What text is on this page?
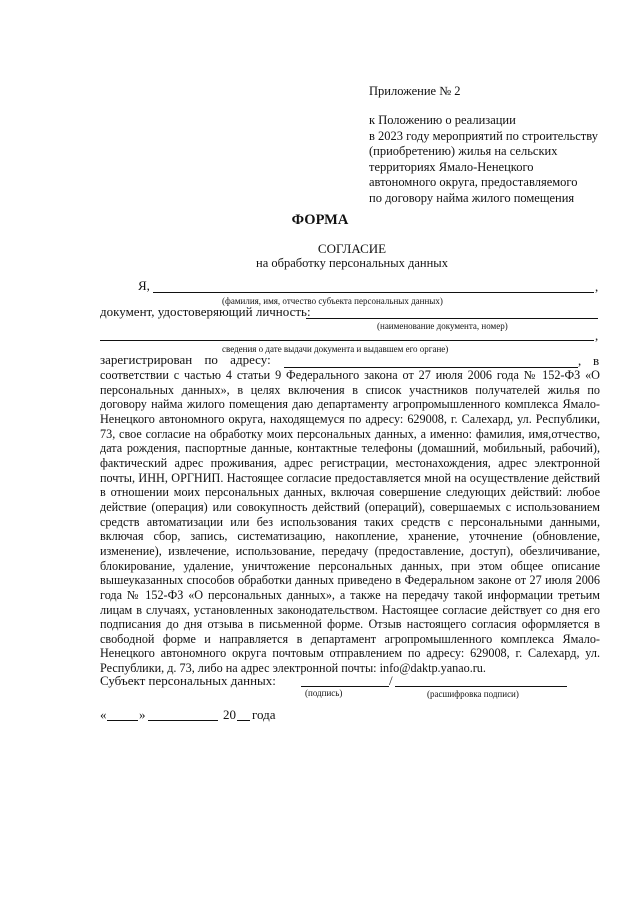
Приложение № 2
к Положению о реализации
в 2023 году мероприятий по строительству
(приобретению) жилья на сельских
территориях Ямало-Ненецкого
автономного округа, предоставляемого
по договору найма жилого помещения
ФОРМА
СОГЛАСИЕ
на обработку персональных данных
Я,	,
(фамилия, имя, отчество субъекта персональных данных)
документ, удостоверяющий личность:
(наименование документа, номер)
,
сведения о дате выдачи документа и выдавшем его органе)
зарегистрирован по адресу:	, в
соответствии с частью 4 статьи 9 Федерального закона от 27 июля 2006 года № 152-ФЗ «О персональных данных», в целях включения в список участников получателей жилья по договору найма жилого помещения даю департаменту агропромышленного комплекса Ямало-Ненецкого автономного округа, находящемуся по адресу: 629008, г. Салехард, ул. Республики, 73, свое согласие на обработку моих персональных данных, а именно: фамилия, имя,отчество, дата рождения, паспортные данные, контактные телефоны (домашний, мобильный, рабочий), фактический адрес проживания, адрес регистрации, местонахождения, адрес электронной почты, ИНН, ОРГНИП. Настоящее согласие предоставляется мной на осуществление действий в отношении моих персональных данных, включая совершение следующих действий: любое действие (операция) или совокупность действий (операций), совершаемых с использованием средств автоматизации или без использования таких средств с персональными данными, включая сбор, запись, систематизацию, накопление, хранение, уточнение (обновление, изменение), извлечение, использование, передачу (предоставление, доступ), обезличивание, блокирование, удаление, уничтожение персональных данных, при этом общее описание вышеуказанных способов обработки данных приведено в Федеральном законе от 27 июля 2006 года № 152-ФЗ «О персональных данных», а также на передачу такой информации третьим лицам в случаях, установленных законодательством. Настоящее согласие действует со дня его подписания до дня отзыва в письменной форме. Отзыв настоящего согласия оформляется в свободной форме и направляется в департамент агропромышленного комплекса Ямало-Ненецкого автономного округа почтовым отправлением по адресу: 629008, г. Салехард, ул. Республики, д. 73, либо на адрес электронной почты: info@daktp.yanao.ru.
Субъект персональных данных:	/
(подпись)	(расшифровка подписи)
«	»	20 года
